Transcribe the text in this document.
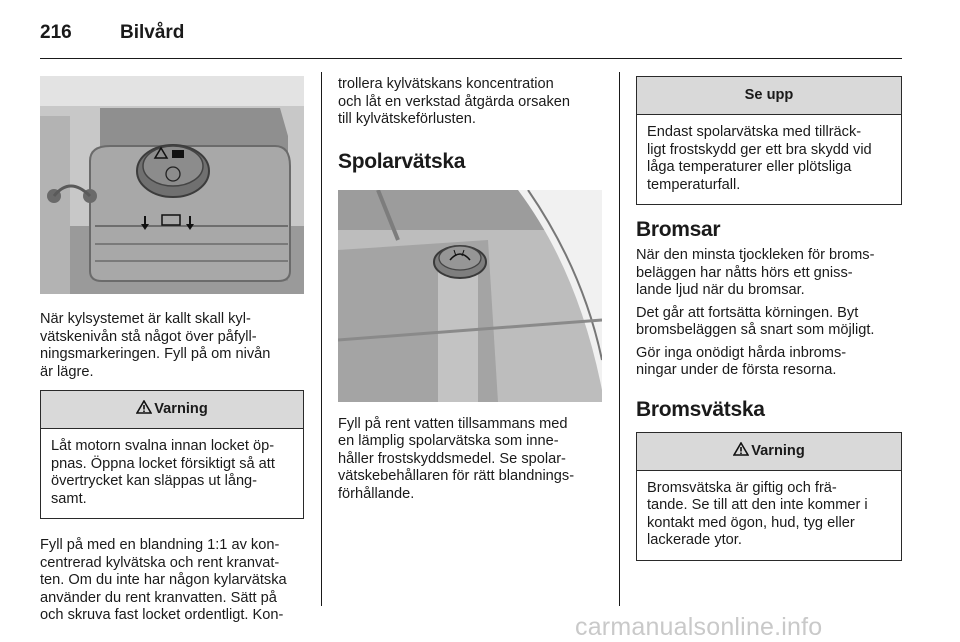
216	Bilvård

När kylsystemet är kallt skall kyl-
vätskenivån stå något över påfyll-
ningsmarkeringen. Fyll på om nivån
är lägre.

Varning
Låt motorn svalna innan locket öp-
pnas. Öppna locket försiktigt så att
övertrycket kan släppas ut lång-
samt.

Fyll på med en blandning 1:1 av kon-
centrerad kylvätska och rent kranvat-
ten. Om du inte har någon kylarvätska
använder du rent kranvatten. Sätt på
och skruva fast locket ordentligt. Kon-

trollera kylvätskans koncentration
och låt en verkstad åtgärda orsaken
till kylvätskeförlusten.

Spolarvätska

Fyll på rent vatten tillsammans med
en lämplig spolarvätska som inne-
håller frostskyddsmedel. Se spolar-
vätskebehållaren för rätt blandnings-
förhållande.

Se upp
Endast spolarvätska med tillräck-
ligt frostskydd ger ett bra skydd vid
låga temperaturer eller plötsliga
temperaturfall.
Bromsar

När den minsta tjockleken för broms-
beläggen har nåtts hörs ett gniss-
lande ljud när du bromsar.

Det går att fortsätta körningen. Byt
bromsbeläggen så snart som möjligt.

Gör inga onödigt hårda inbroms-
ningar under de första resorna.

Bromsvätska
Varning
Bromsvätska är giftig och frä-
tande. Se till att den inte kommer i
kontakt med ögon, hud, tyg eller
lackerade ytor.
carmanualsonline.info
